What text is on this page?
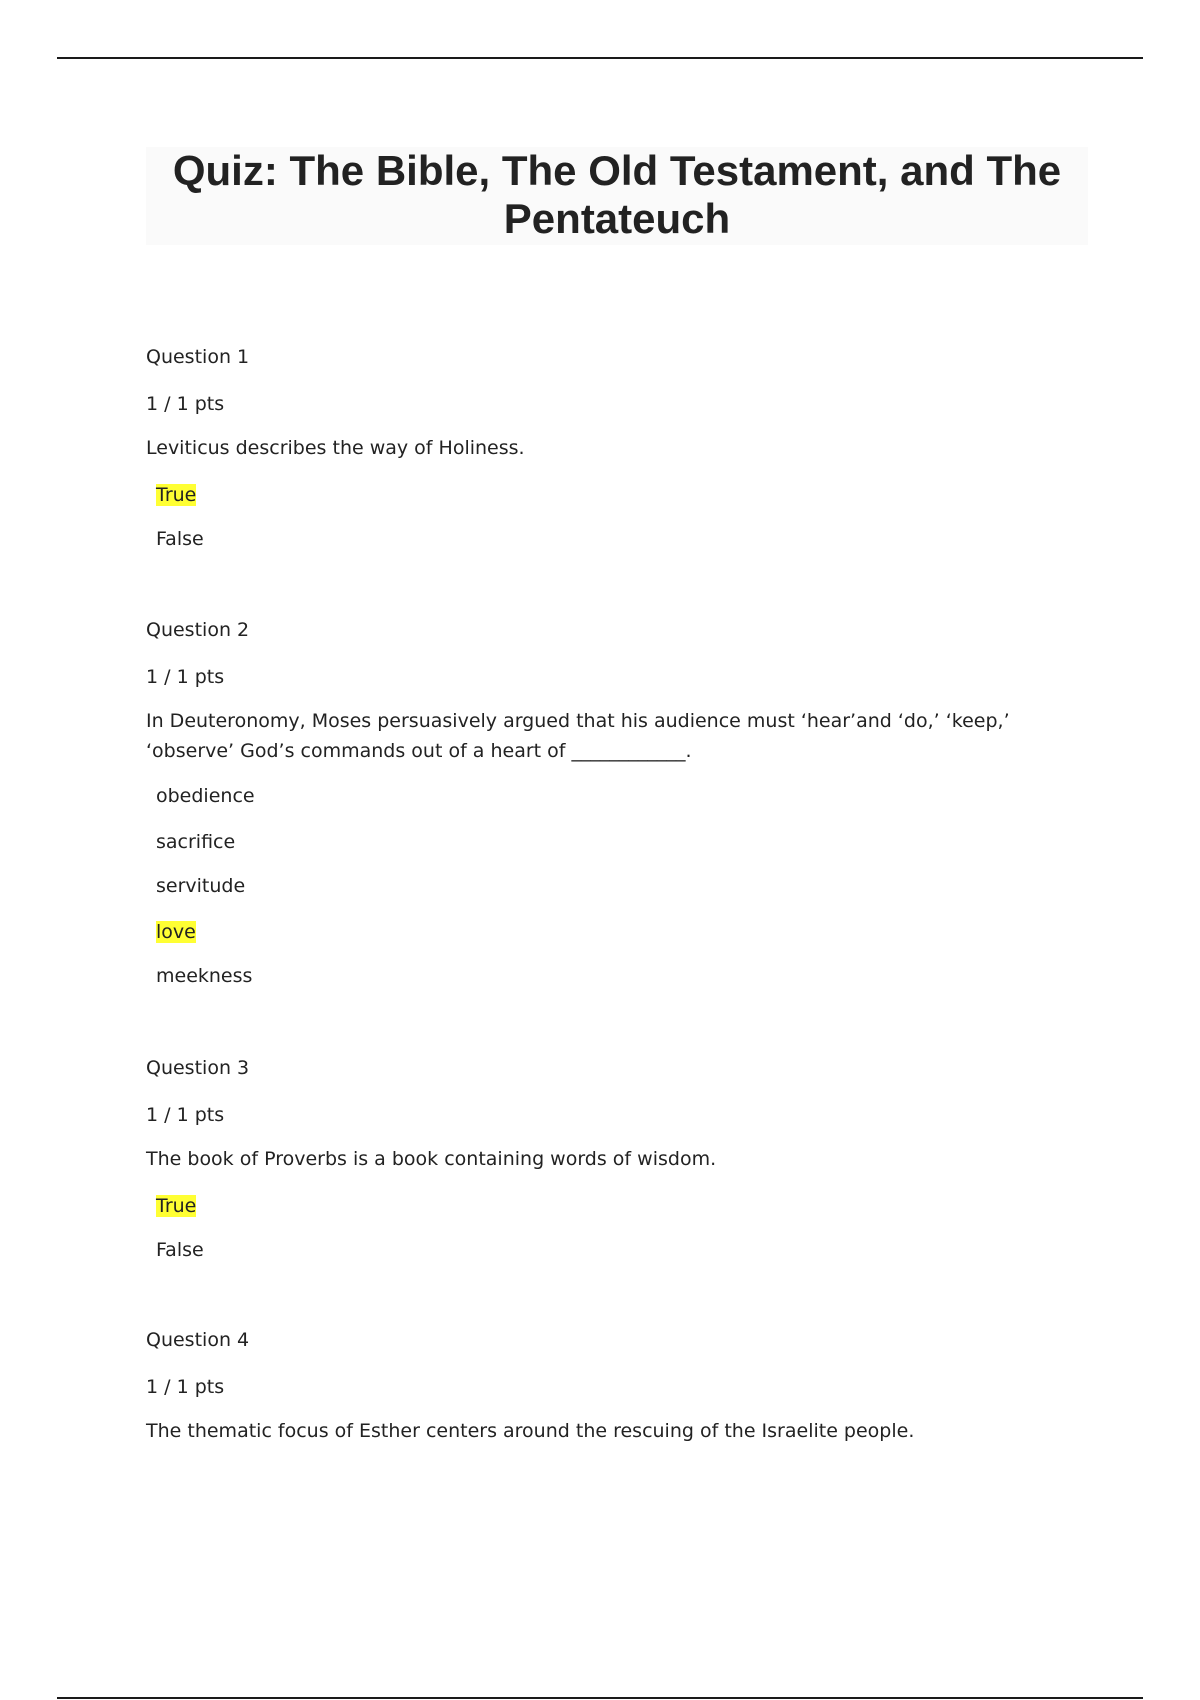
Quiz: The Bible, The Old Testament, and The Pentateuch
Question 1
1 / 1 pts
Leviticus describes the way of Holiness.
True
False
Question 2
1 / 1 pts
In Deuteronomy, Moses persuasively argued that his audience must ‘hear’and ‘do,’ ‘keep,’ ‘observe’ God’s commands out of a heart of ____________.
obedience
sacrifice
servitude
love
meekness
Question 3
1 / 1 pts
The book of Proverbs is a book containing words of wisdom.
True
False
Question 4
1 / 1 pts
The thematic focus of Esther centers around the rescuing of the Israelite people.
